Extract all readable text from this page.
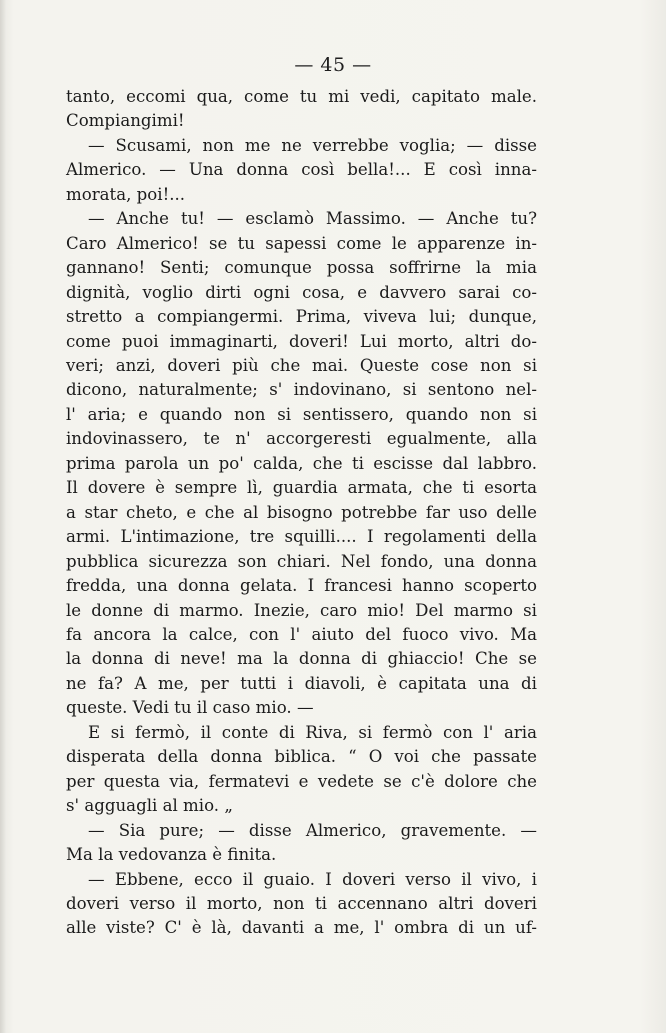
— 45 —
tanto, eccomi qua, come tu mi vedi, capitato male.
Compiangimi!
— Scusami, non me ne verrebbe voglia; — disse
Almerico. — Una donna così bella!... E così inna-
morata, poi!...
— Anche tu! — esclamò Massimo. — Anche tu?
Caro Almerico! se tu sapessi come le apparenze in-
gannano! Senti; comunque possa soffrirne la mia
dignità, voglio dirti ogni cosa, e davvero sarai co-
stretto a compiangermi. Prima, viveva lui; dunque,
come puoi immaginarti, doveri! Lui morto, altri do-
veri; anzi, doveri più che mai. Queste cose non si
dicono, naturalmente; s' indovinano, si sentono nel-
l' aria; e quando non si sentissero, quando non si
indovinassero, te n' accorgeresti egualmente, alla
prima parola un po' calda, che ti escisse dal labbro.
Il dovere è sempre lì, guardia armata, che ti esorta
a star cheto, e che al bisogno potrebbe far uso delle
armi. L'intimazione, tre squilli.... I regolamenti della
pubblica sicurezza son chiari. Nel fondo, una donna
fredda, una donna gelata. I francesi hanno scoperto
le donne di marmo. Inezie, caro mio! Del marmo si
fa ancora la calce, con l' aiuto del fuoco vivo. Ma
la donna di neve! ma la donna di ghiaccio! Che se
ne fa? A me, per tutti i diavoli, è capitata una di
queste. Vedi tu il caso mio. —
E si fermò, il conte di Riva, si fermò con l' aria
disperata della donna biblica. “ O voi che passate
per questa via, fermatevi e vedete se c'è dolore che
s' agguagli al mio. „
— Sia pure; — disse Almerico, gravemente. —
Ma la vedovanza è finita.
— Ebbene, ecco il guaio. I doveri verso il vivo, i
doveri verso il morto, non ti accennano altri doveri
alle viste? C' è là, davanti a me, l' ombra di un uf-
